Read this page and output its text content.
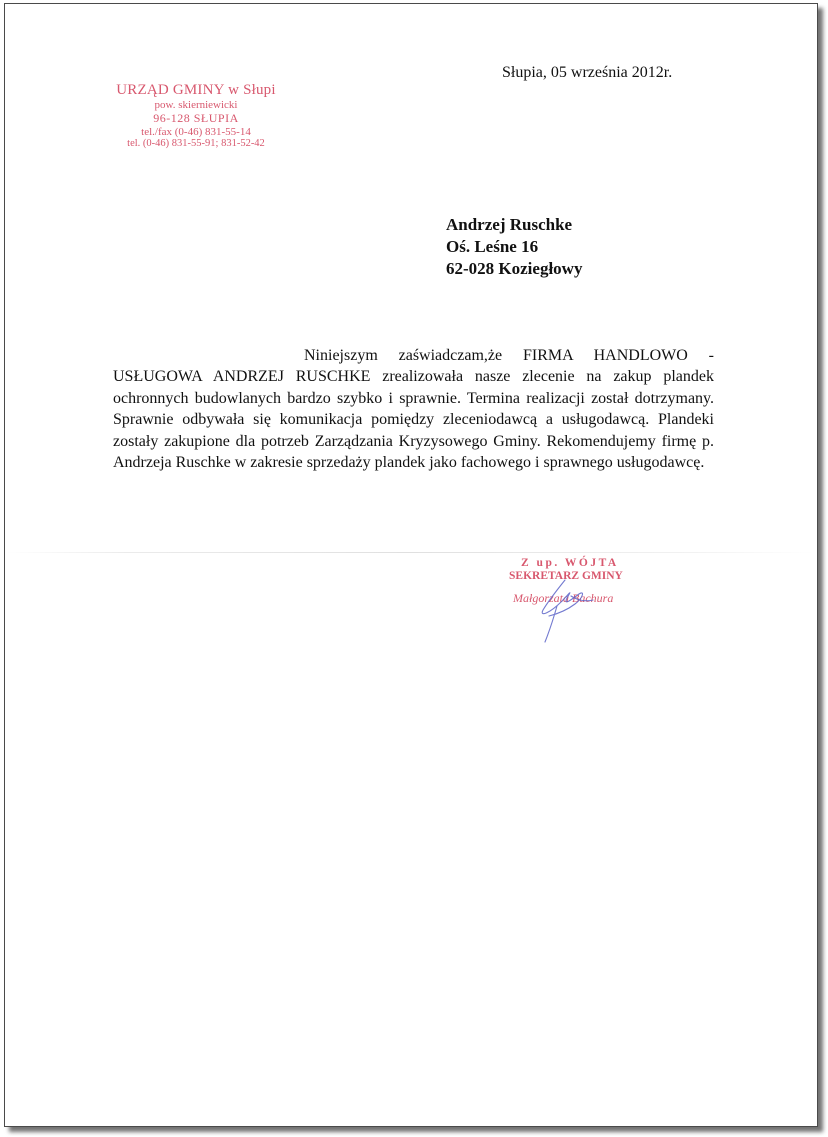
Słupia, 05 września 2012r.
URZĄD GMINY w Słupi
pow. skierniewicki
96-128 SŁUPIA
tel./fax (0-46) 831-55-14
tel. (0-46) 831-55-91; 831-52-42
Andrzej Ruschke
Oś. Leśne 16
62-028 Koziegłowy
Niniejszym zaświadczam,że FIRMA HANDLOWO - USŁUGOWA ANDRZEJ RUSCHKE zrealizowała nasze zlecenie na zakup plandek ochronnych budowlanych bardzo szybko i sprawnie. Termina realizacji został dotrzymany. Sprawnie odbywała się komunikacja pomiędzy zleceniodawcą a usługodawcą. Plandeki zostały zakupione dla potrzeb Zarządzania Kryzysowego Gminy. Rekomendujemy firmę p. Andrzeja Ruschke w zakresie sprzedaży plandek jako fachowego i sprawnego usługodawcę.
Z up. WÓJTA
SEKRETARZ GMINY
Małgorzata Bachura
